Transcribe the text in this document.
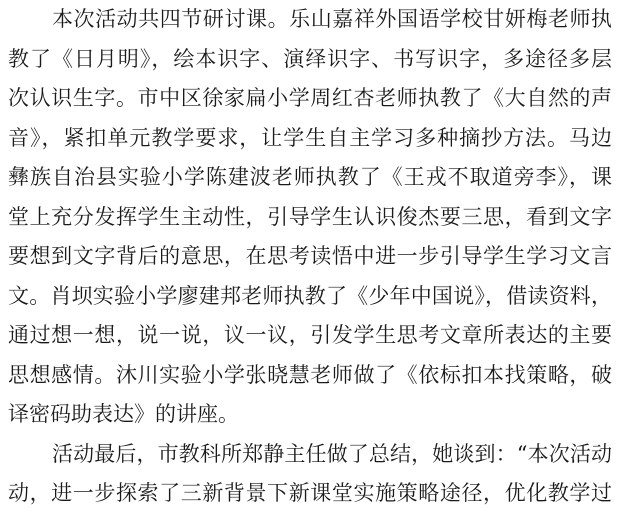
本次活动共四节研讨课。乐山嘉祥外国语学校甘妍梅老师执
教了《日月明》，绘本识字、演绎识字、书写识字，多途径多层
次认识生字。市中区徐家扁小学周红杏老师执教了《大自然的声
音》，紧扣单元教学要求，让学生自主学习多种摘抄方法。马边
彝族自治县实验小学陈建波老师执教了《王戎不取道旁李》，课
堂上充分发挥学生主动性，引导学生认识俊杰要三思，看到文字
要想到文字背后的意思，在思考读悟中进一步引导学生学习文言
文。肖坝实验小学廖建邦老师执教了《少年中国说》，借读资料，
通过想一想，说一说，议一议，引发学生思考文章所表达的主要
思想感情。沐川实验小学张晓慧老师做了《依标扣本找策略，破
译密码助表达》的讲座。
活动最后，市教科所郑静主任做了总结，她谈到：“本次活动
动，进一步探索了三新背景下新课堂实施策略途径，优化教学过
